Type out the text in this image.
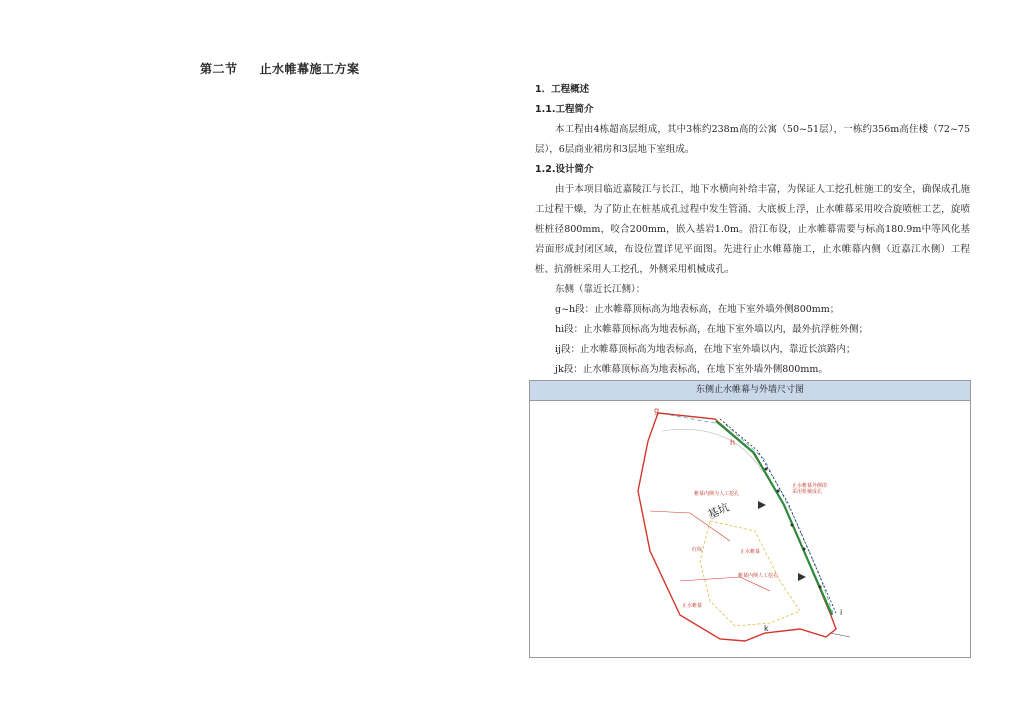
第二节 止水帷幕施工方案
1．工程概述
1.1.工程简介
本工程由4栋超高层组成，其中3栋约238m高的公寓（50~51层），一栋约356m高住楼（72~75层），6层商业裙房和3层地下室组成。
1.2.设计简介
由于本项目临近嘉陵江与长江，地下水横向补给丰富，为保证人工挖孔桩施工的安全，确保成孔施工过程干燥，为了防止在桩基成孔过程中发生管涌、大底板上浮，止水帷幕采用咬合旋喷桩工艺，旋喷桩桩径800mm，咬合200mm，嵌入基岩1.0m。沿江布设，止水帷幕需要与标高180.9m中等风化基岩面形成封闭区域，布设位置详见平面图。先进行止水帷幕施工，止水帷幕内侧（近嘉江水侧）工程桩、抗滑桩采用人工挖孔，外侧采用机械成孔。
东侧（靠近长江侧）：
g~h段：止水帷幕顶标高为地表标高，在地下室外墙外侧800mm；
hi段：止水帷幕顶标高为地表标高，在地下室外墙以内，最外抗浮桩外侧；
ij段：止水帷幕顶标高为地表标高，在地下室外墙以内，靠近长滨路内；
jk段：止水帷幕顶标高为地表标高，在地下室外墙外侧800mm。
东侧止水帷幕与外墙尺寸图
g
h
i
k
基坑
止水帷幕外侧即 采用机械成孔
帷幕内侧为人工挖孔
止水帷幕
红线
帷幕内侧人工挖孔
止水帷幕
